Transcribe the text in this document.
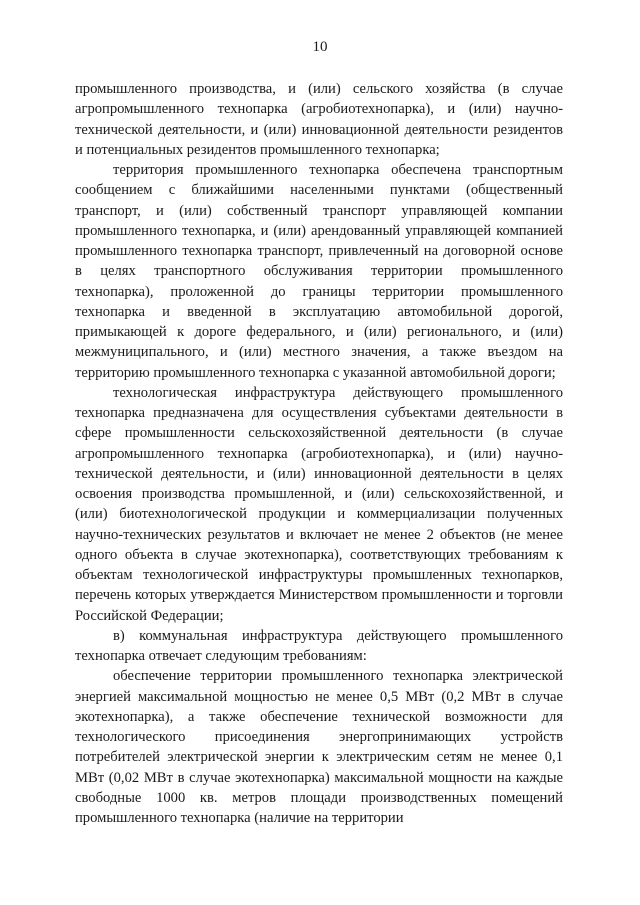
10

промышленного производства, и (или) сельского хозяйства (в случае агропромышленного технопарка (агробиотехнопарка), и (или) научно-технической деятельности, и (или) инновационной деятельности резидентов и потенциальных резидентов промышленного технопарка;

территория промышленного технопарка обеспечена транспортным сообщением с ближайшими населенными пунктами (общественный транспорт, и (или) собственный транспорт управляющей компании промышленного технопарка, и (или) арендованный управляющей компанией промышленного технопарка транспорт, привлеченный на договорной основе в целях транспортного обслуживания территории промышленного технопарка), проложенной до границы территории промышленного технопарка и введенной в эксплуатацию автомобильной дорогой, примыкающей к дороге федерального, и (или) регионального, и (или) межмуниципального, и (или) местного значения, а также въездом на территорию промышленного технопарка с указанной автомобильной дороги;

технологическая инфраструктура действующего промышленного технопарка предназначена для осуществления субъектами деятельности в сфере промышленности сельскохозяйственной деятельности (в случае агропромышленного технопарка (агробиотехнопарка), и (или) научно-технической деятельности, и (или) инновационной деятельности в целях освоения производства промышленной, и (или) сельскохозяйственной, и (или) биотехнологической продукции и коммерциализации полученных научно-технических результатов и включает не менее 2 объектов (не менее одного объекта в случае экотехнопарка), соответствующих требованиям к объектам технологической инфраструктуры промышленных технопарков, перечень которых утверждается Министерством промышленности и торговли Российской Федерации;

в) коммунальная инфраструктура действующего промышленного технопарка отвечает следующим требованиям:

обеспечение территории промышленного технопарка электрической энергией максимальной мощностью не менее 0,5 МВт (0,2 МВт в случае экотехнопарка), а также обеспечение технической возможности для технологического присоединения энергопринимающих устройств потребителей электрической энергии к электрическим сетям не менее 0,1 МВт (0,02 МВт в случае экотехнопарка) максимальной мощности на каждые свободные 1000 кв. метров площади производственных помещений промышленного технопарка (наличие на территории
